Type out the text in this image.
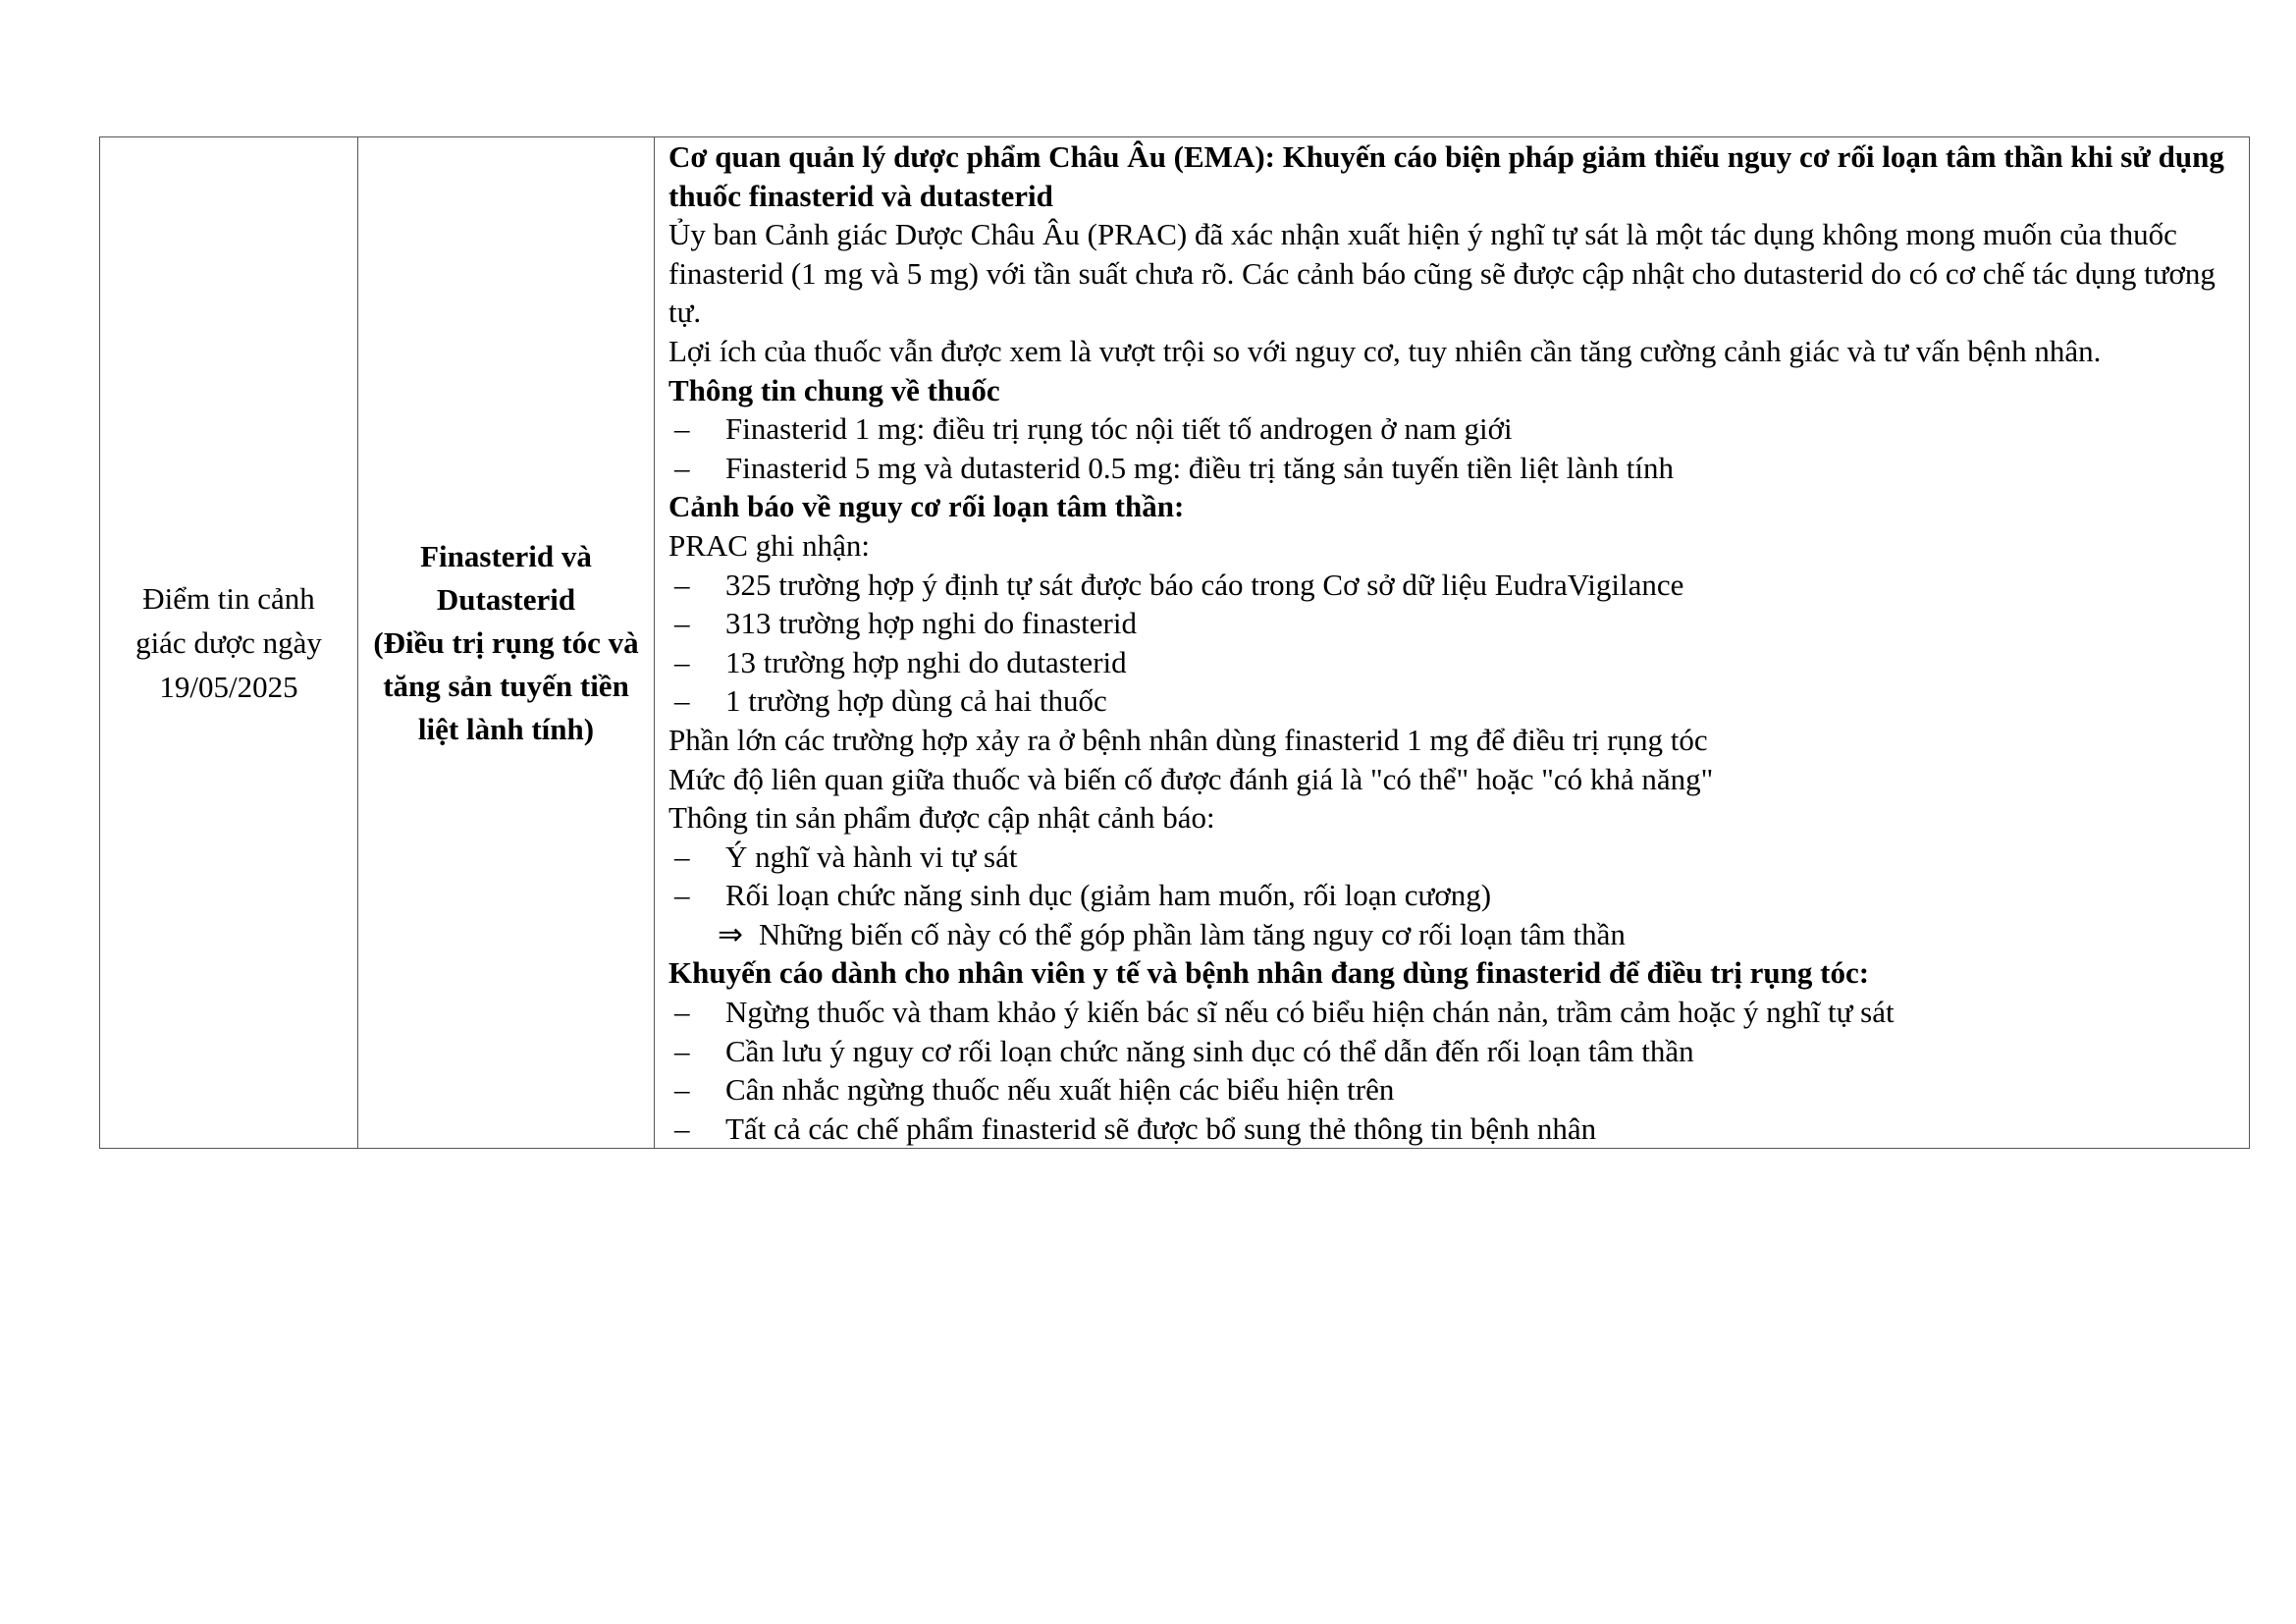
Điểm tin cảnh
giác dược ngày
19/05/2025

Finasterid và
Dutasterid
(Điều trị rụng tóc và
tăng sản tuyến tiền
liệt lành tính)

Cơ quan quản lý dược phẩm Châu Âu (EMA): Khuyến cáo biện pháp giảm thiểu nguy cơ rối loạn tâm thần khi sử dụng thuốc finasterid và dutasterid

Ủy ban Cảnh giác Dược Châu Âu (PRAC) đã xác nhận xuất hiện ý nghĩ tự sát là một tác dụng không mong muốn của thuốc finasterid (1 mg và 5 mg) với tần suất chưa rõ. Các cảnh báo cũng sẽ được cập nhật cho dutasterid do có cơ chế tác dụng tương tự.

Lợi ích của thuốc vẫn được xem là vượt trội so với nguy cơ, tuy nhiên cần tăng cường cảnh giác và tư vấn bệnh nhân.

Thông tin chung về thuốc

– Finasterid 1 mg: điều trị rụng tóc nội tiết tố androgen ở nam giới
– Finasterid 5 mg và dutasterid 0.5 mg: điều trị tăng sản tuyến tiền liệt lành tính

Cảnh báo về nguy cơ rối loạn tâm thần:

PRAC ghi nhận:

– 325 trường hợp ý định tự sát được báo cáo trong Cơ sở dữ liệu EudraVigilance
– 313 trường hợp nghi do finasterid
– 13 trường hợp nghi do dutasterid
– 1 trường hợp dùng cả hai thuốc

Phần lớn các trường hợp xảy ra ở bệnh nhân dùng finasterid 1 mg để điều trị rụng tóc

Mức độ liên quan giữa thuốc và biến cố được đánh giá là "có thể" hoặc "có khả năng"

Thông tin sản phẩm được cập nhật cảnh báo:

– Ý nghĩ và hành vi tự sát
– Rối loạn chức năng sinh dục (giảm ham muốn, rối loạn cương)

⇒ Những biến cố này có thể góp phần làm tăng nguy cơ rối loạn tâm thần

Khuyến cáo dành cho nhân viên y tế và bệnh nhân đang dùng finasterid để điều trị rụng tóc:

– Ngừng thuốc và tham khảo ý kiến bác sĩ nếu có biểu hiện chán nản, trầm cảm hoặc ý nghĩ tự sát
– Cần lưu ý nguy cơ rối loạn chức năng sinh dục có thể dẫn đến rối loạn tâm thần
– Cân nhắc ngừng thuốc nếu xuất hiện các biểu hiện trên
– Tất cả các chế phẩm finasterid sẽ được bổ sung thẻ thông tin bệnh nhân
